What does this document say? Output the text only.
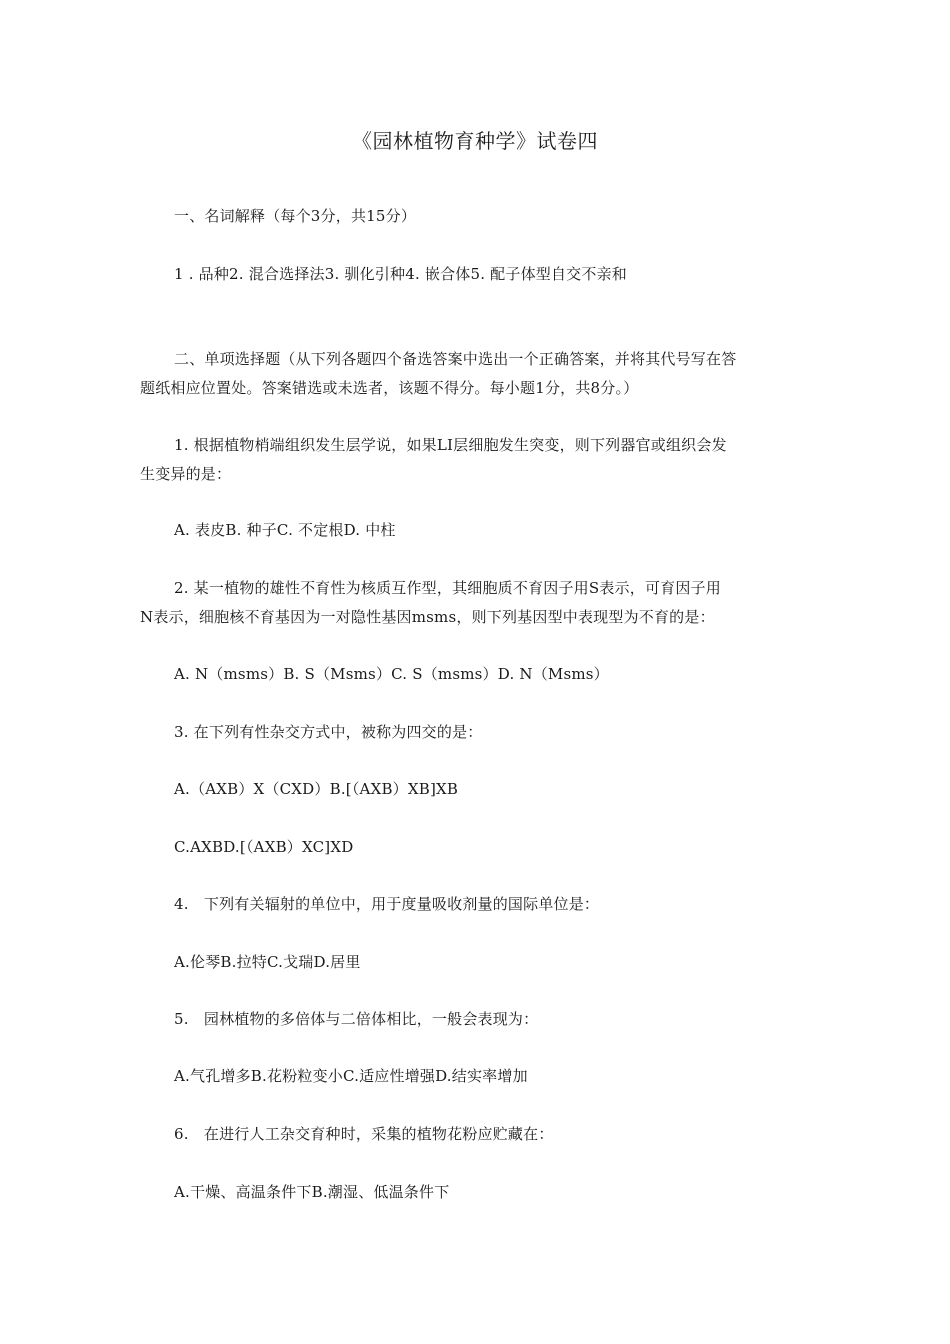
《园林植物育种学》试卷四
一、名词解释（每个3分，共15分）
1 . 品种2. 混合选择法3. 驯化引种4. 嵌合体5. 配子体型自交不亲和
二、单项选择题（从下列各题四个备选答案中选出一个正确答案，并将其代号写在答
题纸相应位置处。答案错选或未选者，该题不得分。每小题1分，共8分。）
1. 根据植物梢端组织发生层学说，如果LI层细胞发生突变，则下列器官或组织会发
生变异的是：
A. 表皮B. 种子C. 不定根D. 中柱
2. 某一植物的雄性不育性为核质互作型，其细胞质不育因子用S表示，可育因子用
N表示，细胞核不育基因为一对隐性基因msms，则下列基因型中表现型为不育的是：
A. N（msms）B. S（Msms）C. S（msms）D. N（Msms）
3. 在下列有性杂交方式中，被称为四交的是：
A.（AXB）X（CXD）B.[（AXB）XB]XB
C.AXBD.[（AXB）XC]XD
4.　下列有关辐射的单位中，用于度量吸收剂量的国际单位是：
A.伦琴B.拉特C.戈瑞D.居里
5.　园林植物的多倍体与二倍体相比，一般会表现为：
A.气孔增多B.花粉粒变小C.适应性增强D.结实率增加
6.　在进行人工杂交育种时，采集的植物花粉应贮藏在：
A.干燥、高温条件下B.潮湿、低温条件下
